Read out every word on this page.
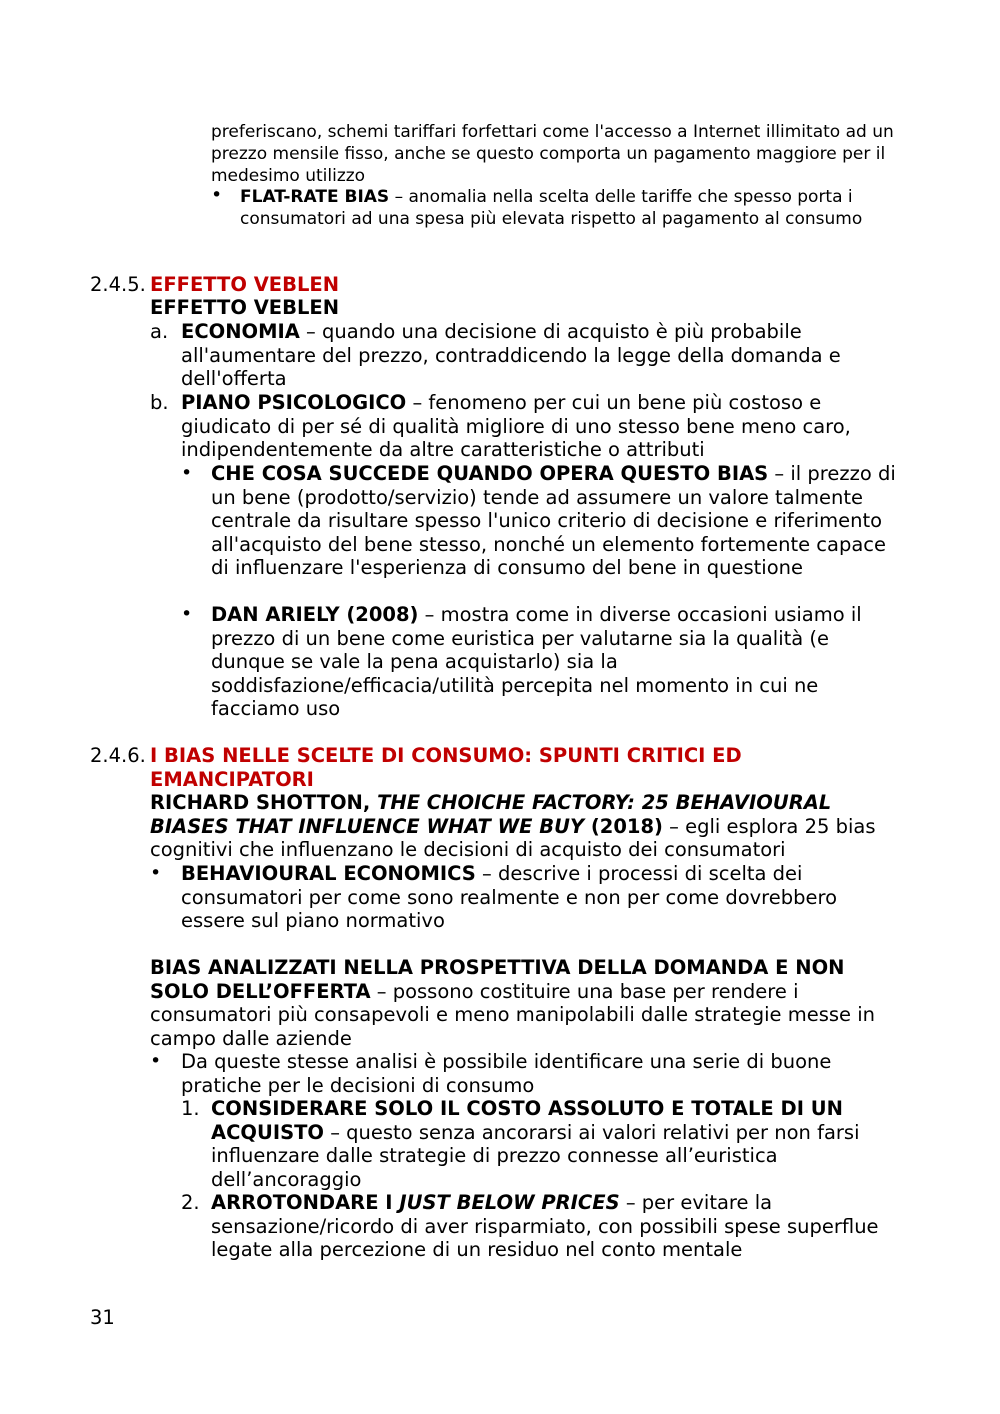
preferiscano, schemi tariffari forfettari come l'accesso a Internet illimitato ad un prezzo mensile fisso, anche se questo comporta un pagamento maggiore per il medesimo utilizzo

• FLAT-RATE BIAS – anomalia nella scelta delle tariffe che spesso porta i consumatori ad una spesa più elevata rispetto al pagamento al consumo

2.4.5. EFFETTO VEBLEN

EFFETTO VEBLEN

a. ECONOMIA – quando una decisione di acquisto è più probabile all'aumentare del prezzo, contraddicendo la legge della domanda e dell'offerta

b. PIANO PSICOLOGICO – fenomeno per cui un bene più costoso e giudicato di per sé di qualità migliore di uno stesso bene meno caro, indipendentemente da altre caratteristiche o attributi

• CHE COSA SUCCEDE QUANDO OPERA QUESTO BIAS – il prezzo di un bene (prodotto/servizio) tende ad assumere un valore talmente centrale da risultare spesso l'unico criterio di decisione e riferimento all'acquisto del bene stesso, nonché un elemento fortemente capace di influenzare l'esperienza di consumo del bene in questione

• DAN ARIELY (2008) – mostra come in diverse occasioni usiamo il prezzo di un bene come euristica per valutarne sia la qualità (e dunque se vale la pena acquistarlo) sia la soddisfazione/efficacia/utilità percepita nel momento in cui ne facciamo uso

2.4.6. I BIAS NELLE SCELTE DI CONSUMO: SPUNTI CRITICI ED EMANCIPATORI

RICHARD SHOTTON, THE CHOICHE FACTORY: 25 BEHAVIOURAL BIASES THAT INFLUENCE WHAT WE BUY (2018) – egli esplora 25 bias cognitivi che influenzano le decisioni di acquisto dei consumatori

• BEHAVIOURAL ECONOMICS – descrive i processi di scelta dei consumatori per come sono realmente e non per come dovrebbero essere sul piano normativo

BIAS ANALIZZATI NELLA PROSPETTIVA DELLA DOMANDA E NON SOLO DELL’OFFERTA – possono costituire una base per rendere i consumatori più consapevoli e meno manipolabili dalle strategie messe in campo dalle aziende

• Da queste stesse analisi è possibile identificare una serie di buone pratiche per le decisioni di consumo

1. CONSIDERARE SOLO IL COSTO ASSOLUTO E TOTALE DI UN ACQUISTO – questo senza ancorarsi ai valori relativi per non farsi influenzare dalle strategie di prezzo connesse all’euristica dell’ancoraggio

2. ARROTONDARE I JUST BELOW PRICES – per evitare la sensazione/ricordo di aver risparmiato, con possibili spese superflue legate alla percezione di un residuo nel conto mentale

31
